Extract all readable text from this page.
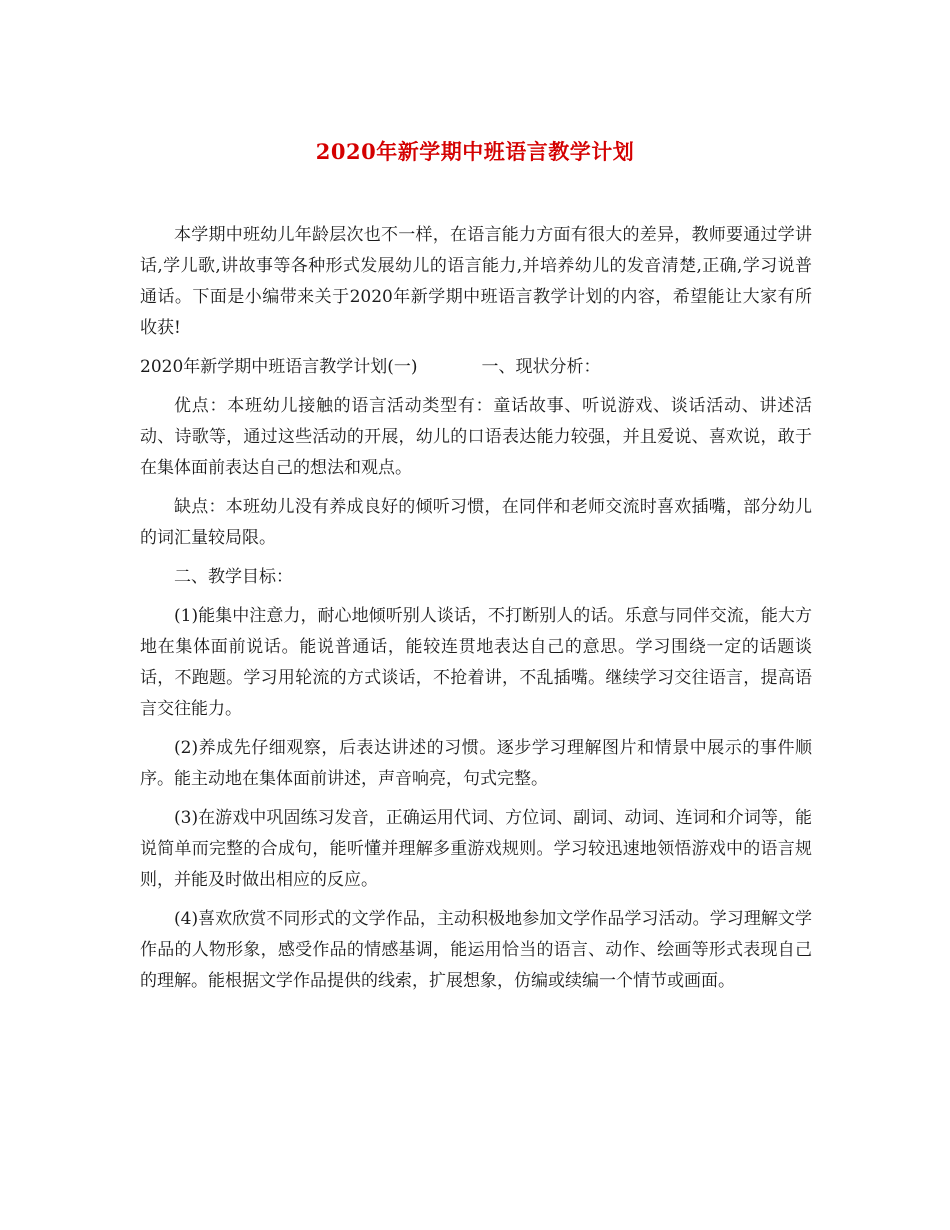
2020年新学期中班语言教学计划

本学期中班幼儿年龄层次也不一样，在语言能力方面有很大的差异，教师要通过学讲话,学儿歌,讲故事等各种形式发展幼儿的语言能力,并培养幼儿的发音清楚,正确,学习说普通话。下面是小编带来关于2020年新学期中班语言教学计划的内容，希望能让大家有所收获!

2020年新学期中班语言教学计划(一)	一、现状分析：

优点：本班幼儿接触的语言活动类型有：童话故事、听说游戏、谈话活动、讲述活动、诗歌等，通过这些活动的开展，幼儿的口语表达能力较强，并且爱说、喜欢说，敢于在集体面前表达自己的想法和观点。

缺点：本班幼儿没有养成良好的倾听习惯，在同伴和老师交流时喜欢插嘴，部分幼儿的词汇量较局限。

二、教学目标：

(1)能集中注意力，耐心地倾听别人谈话，不打断别人的话。乐意与同伴交流，能大方地在集体面前说话。能说普通话，能较连贯地表达自己的意思。学习围绕一定的话题谈话，不跑题。学习用轮流的方式谈话，不抢着讲，不乱插嘴。继续学习交往语言，提高语言交往能力。

(2)养成先仔细观察，后表达讲述的习惯。逐步学习理解图片和情景中展示的事件顺序。能主动地在集体面前讲述，声音响亮，句式完整。

(3)在游戏中巩固练习发音，正确运用代词、方位词、副词、动词、连词和介词等，能说简单而完整的合成句，能听懂并理解多重游戏规则。学习较迅速地领悟游戏中的语言规则，并能及时做出相应的反应。

(4)喜欢欣赏不同形式的文学作品，主动积极地参加文学作品学习活动。学习理解文学作品的人物形象，感受作品的情感基调，能运用恰当的语言、动作、绘画等形式表现自己的理解。能根据文学作品提供的线索，扩展想象，仿编或续编一个情节或画面。
